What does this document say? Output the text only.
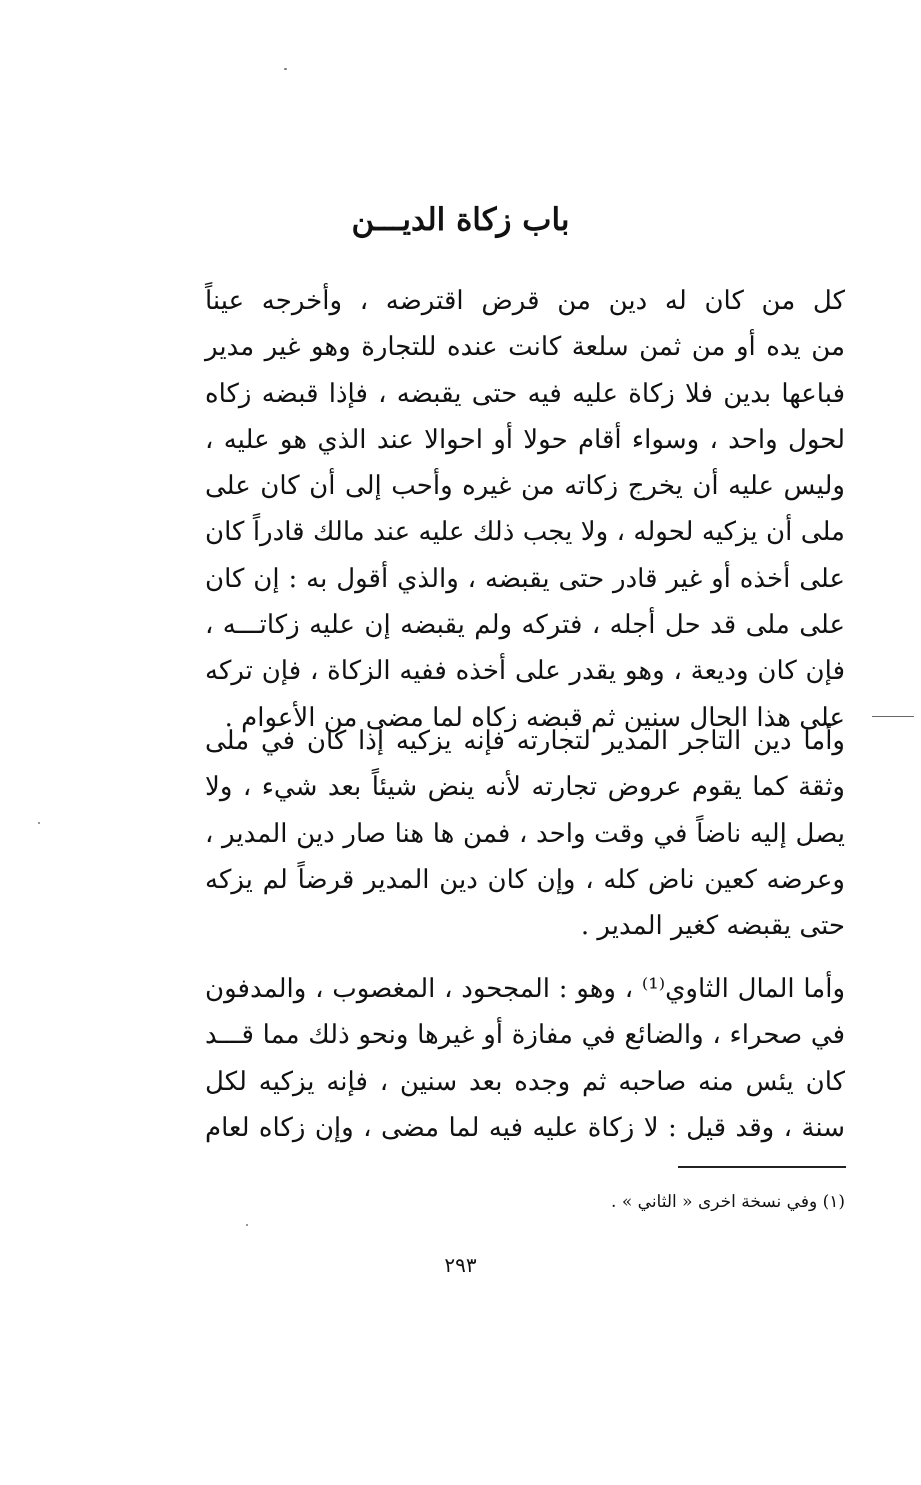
باب زكاة الديـــن
كل من كان له دين من قرض اقترضه ، وأخرجه عيناً
من يده أو من ثمن سلعة كانت عنده للتجارة وهو غير مدير
فباعها بدين فلا زكاة عليه فيه حتى يقبضه ، فإذا قبضه زكاه
لحول واحد ، وسواء أقام حولا أو احوالا عند الذي هو عليه ،
وليس عليه أن يخرج زكاته من غيره وأحب إلى أن كان على
ملى أن يزكيه لحوله ، ولا يجب ذلك عليه عند مالك قادراً كان
على أخذه أو غير قادر حتى يقبضه ، والذي أقول به : إن كان
على ملى قد حل أجله ، فتركه ولم يقبضه إن عليه زكاتـــه ،
فإن كان وديعة ، وهو يقدر على أخذه ففيه الزكاة ، فإن تركه
على هذا الحال سنين ثم قبضه زكاه لما مضى من الأعوام .
وأما دين التاجر المدير لتجارته فإنه يزكيه إذا كان في ملى
وثقة كما يقوم عروض تجارته لأنه ينض شيئاً بعد شيء ، ولا
يصل إليه ناضاً في وقت واحد ، فمن ها هنا صار دين المدير ،
وعرضه كعين ناض كله ، وإن كان دين المدير قرضاً لم يزكه
حتى يقبضه كغير المدير .
وأما المال الثاوي⁽¹⁾ ، وهو : المجحود ، المغصوب ، والمدفون
في صحراء ، والضائع في مفازة أو غيرها ونحو ذلك مما قـــد
كان يئس منه صاحبه ثم وجده بعد سنين ، فإنه يزكيه لكل
سنة ، وقد قيل : لا زكاة عليه فيه لما مضى ، وإن زكاه لعام
(١) وفي نسخة اخرى « الثاني » .
٢٩٣
